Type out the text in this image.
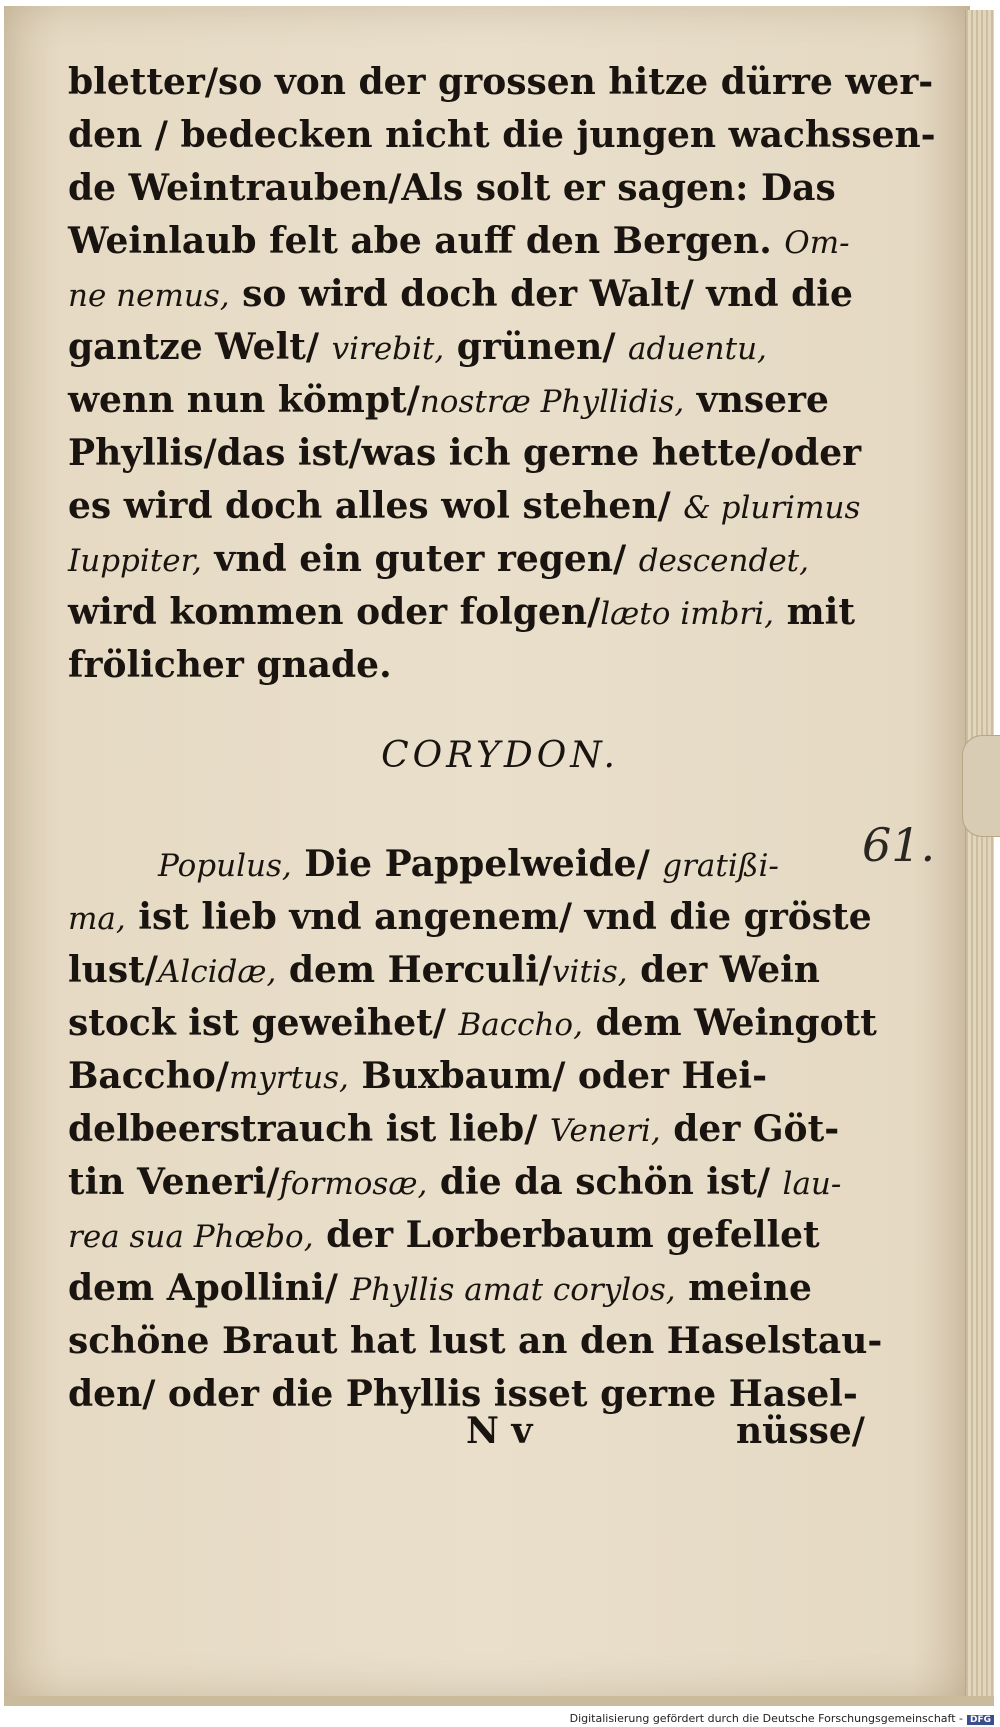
bletter/so von der grossen hitze dürre wer-
den / bedecken nicht die jungen wachssen-
de Weintrauben/Als solt er sagen: Das
Weinlaub felt abe auff den Bergen. Om-
ne nemus, so wird doch der Walt/ vnd die
gantze Welt/ virebit, grünen/ aduentu,
wenn nun kömpt/nostræ Phyllidis, vnsere
Phyllis/das ist/was ich gerne hette/oder
es wird doch alles wol stehen/ & plurimus
Iuppiter, vnd ein guter regen/ descendet,
wird kommen oder folgen/læto imbri, mit
frölicher gnade.
CORYDON.
61.
Populus, Die Pappelweide/ gratißi-
ma, ist lieb vnd angenem/ vnd die gröste
lust/Alcidæ, dem Herculi/vitis, der Wein
stock ist geweihet/ Baccho, dem Weingott
Baccho/myrtus, Buxbaum/ oder Hei-
delbeerstrauch ist lieb/ Veneri, der Göt-
tin Veneri/formosæ, die da schön ist/ lau-
rea sua Phœbo, der Lorberbaum gefellet
dem Apollini/ Phyllis amat corylos, meine
schöne Braut hat lust an den Haselstau-
den/ oder die Phyllis isset gerne Hasel-
N v	nüsse/
Digitalisierung gefördert durch die Deutsche Forschungsgemeinschaft - DFG
